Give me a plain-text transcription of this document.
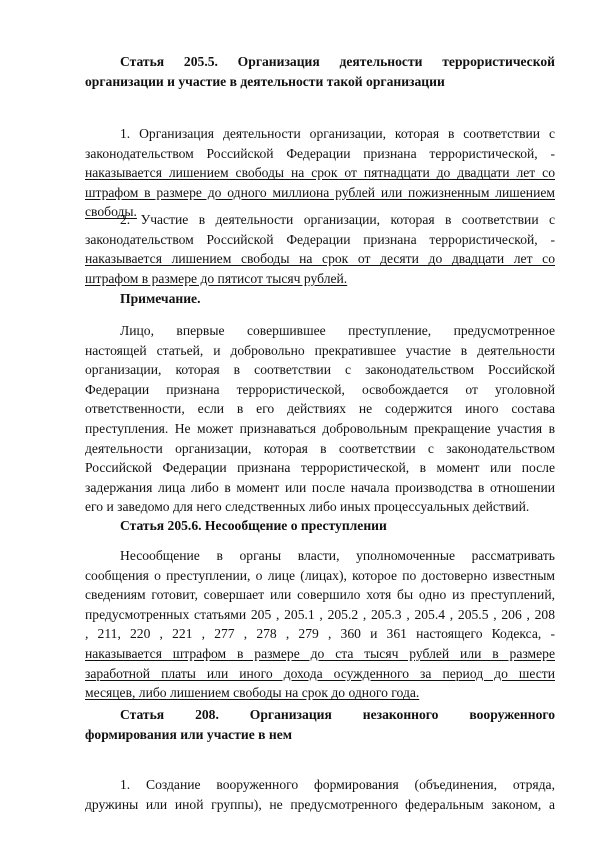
Статья 205.5. Организация деятельности террористической
организации и участие в деятельности такой организации
1. Организация деятельности организации, которая в соответствии с
законодательством Российской Федерации признана террористической, -
наказывается лишением свободы на срок от пятнадцати до двадцати лет со
штрафом в размере до одного миллиона рублей или пожизненным лишением
свободы.
2. Участие в деятельности организации, которая в соответствии с
законодательством Российской Федерации признана террористической, -
наказывается лишением свободы на срок от десяти до двадцати лет со
штрафом в размере до пятисот тысяч рублей.
Примечание.
Лицо, впервые совершившее преступление, предусмотренное
настоящей статьей, и добровольно прекратившее участие в деятельности
организации, которая в соответствии с законодательством Российской
Федерации признана террористической, освобождается от уголовной
ответственности, если в его действиях не содержится иного состава
преступления. Не может признаваться добровольным прекращение участия в
деятельности организации, которая в соответствии с законодательством
Российской Федерации признана террористической, в момент или после
задержания лица либо в момент или после начала производства в отношении
его и заведомо для него следственных либо иных процессуальных действий.
Статья 205.6. Несообщение о преступлении
Несообщение в органы власти, уполномоченные рассматривать
сообщения о преступлении, о лице (лицах), которое по достоверно известным
сведениям готовит, совершает или совершило хотя бы одно из преступлений,
предусмотренных статьями 205 , 205.1 , 205.2 , 205.3 , 205.4 , 205.5 , 206 , 208
, 211, 220 , 221 , 277 , 278 , 279 , 360 и 361 настоящего Кодекса, -
наказывается штрафом в размере до ста тысяч рублей или в размере
заработной платы или иного дохода осужденного за период до шести
месяцев, либо лишением свободы на срок до одного года.
Статья 208. Организация незаконного вооруженного
формирования или участие в нем
1. Создание вооруженного формирования (объединения, отряда,
дружины или иной группы), не предусмотренного федеральным законом, а
